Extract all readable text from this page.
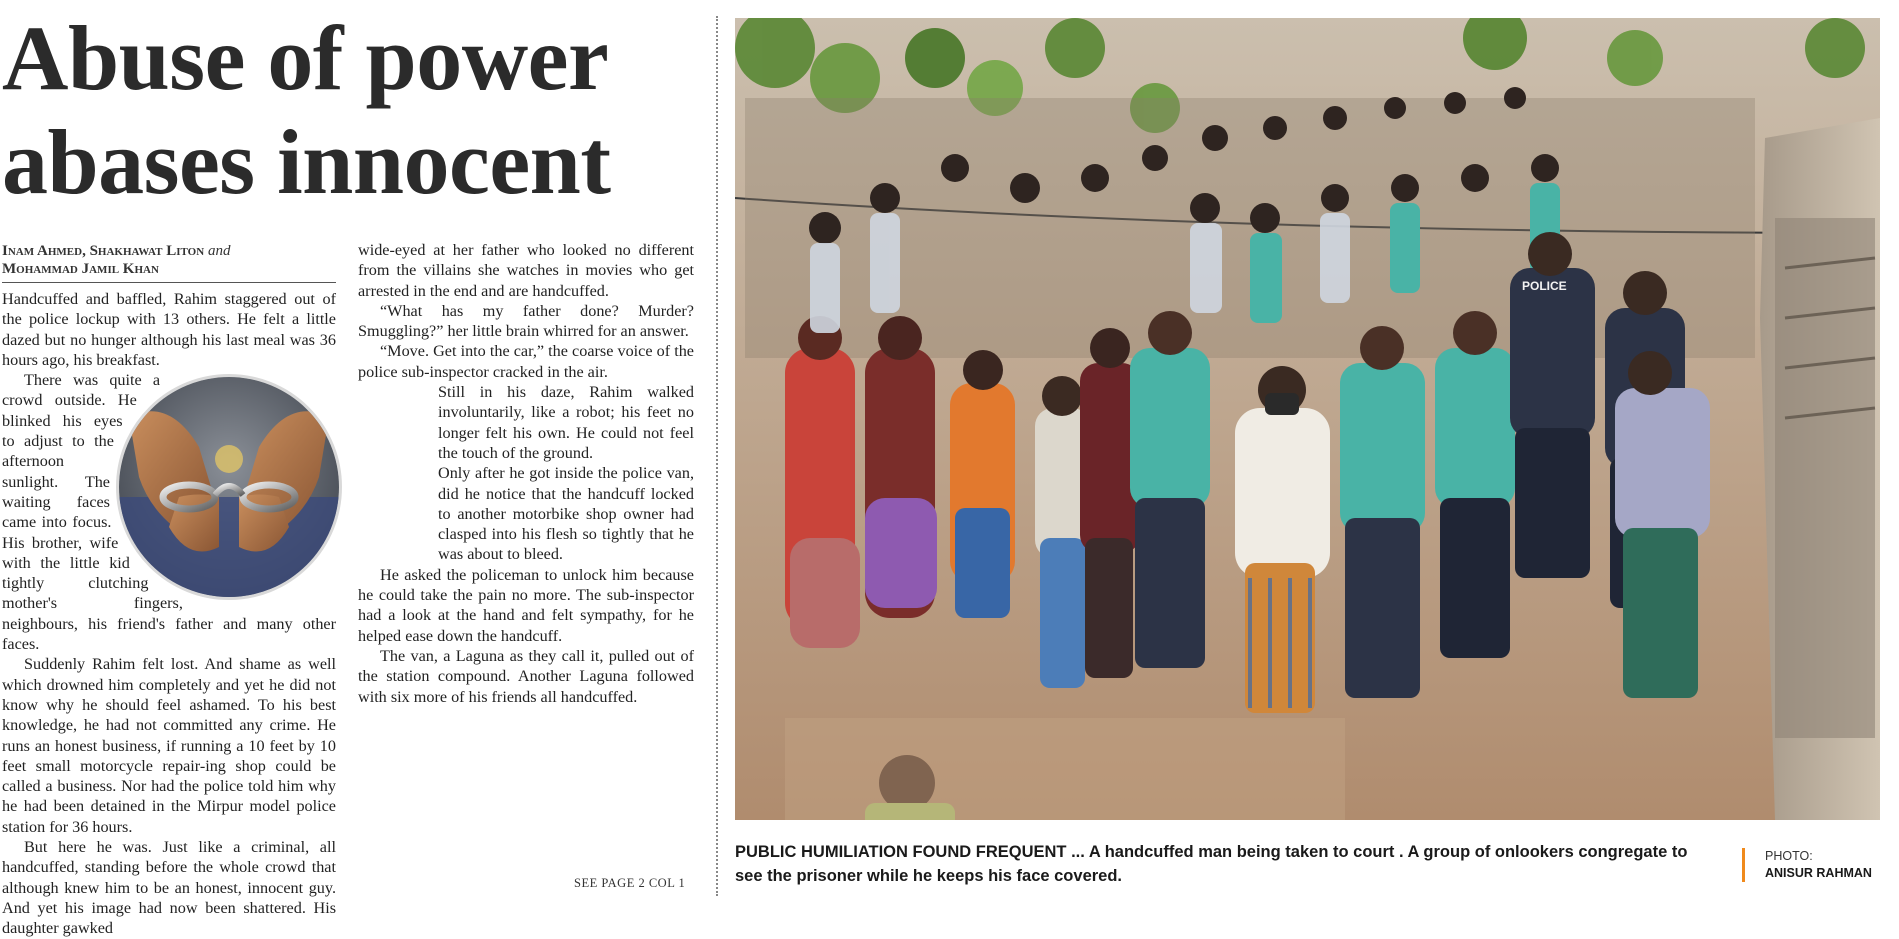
Abuse of power
abases innocent
Inam Ahmed, Shakhawat Liton and
Mohammad Jamil Khan

Handcuffed and baffled, Rahim staggered out of the police lockup with 13 others. He felt a little dazed but no hunger although his last meal was 36 hours ago, his breakfast.

There was quite a crowd outside. He blinked his eyes to adjust to the afternoon sunlight. The waiting faces came into focus. His brother, wife with the little kid tightly clutching mother's fingers, neighbours, his friend's father and many other faces.

Suddenly Rahim felt lost. And shame as well which drowned him completely and yet he did not know why he should feel ashamed. To his best knowledge, he had not committed any crime. He runs an honest business, if running a 10 feet by 10 feet small motorcycle repair-ing shop could be called a business. Nor had the police told him why he had been detained in the Mirpur model police station for 36 hours.

But here he was. Just like a criminal, all handcuffed, standing before the whole crowd that although knew him to be an honest, innocent guy. And yet his image had now been shattered. His daughter gawked

wide-eyed at her father who looked no different from the villains she watches in movies who get arrested in the end and are handcuffed.

“What has my father done? Murder? Smuggling?” her little brain whirred for an answer.

“Move. Get into the car,” the coarse voice of the police sub-inspector cracked in the air.

Still in his daze, Rahim walked involuntarily, like a robot; his feet no longer felt his own. He could not feel the touch of the ground.

Only after he got inside the police van, did he notice that the handcuff locked to another motorbike shop owner had clasped into his flesh so tightly that he was about to bleed.

He asked the policeman to unlock him because he could take the pain no more. The sub-inspector had a look at the hand and felt sympathy, for he helped ease down the handcuff.

The van, a Laguna as they call it, pulled out of the station compound. Another Laguna followed with six more of his friends all handcuffed.

SEE PAGE 2 COL 1
POLICE
PUBLIC HUMILIATION FOUND FREQUENT ... A handcuffed man being taken to court . A group of onlookers congregate to see the prisoner while he keeps his face covered.
PHOTO:
ANISUR RAHMAN
